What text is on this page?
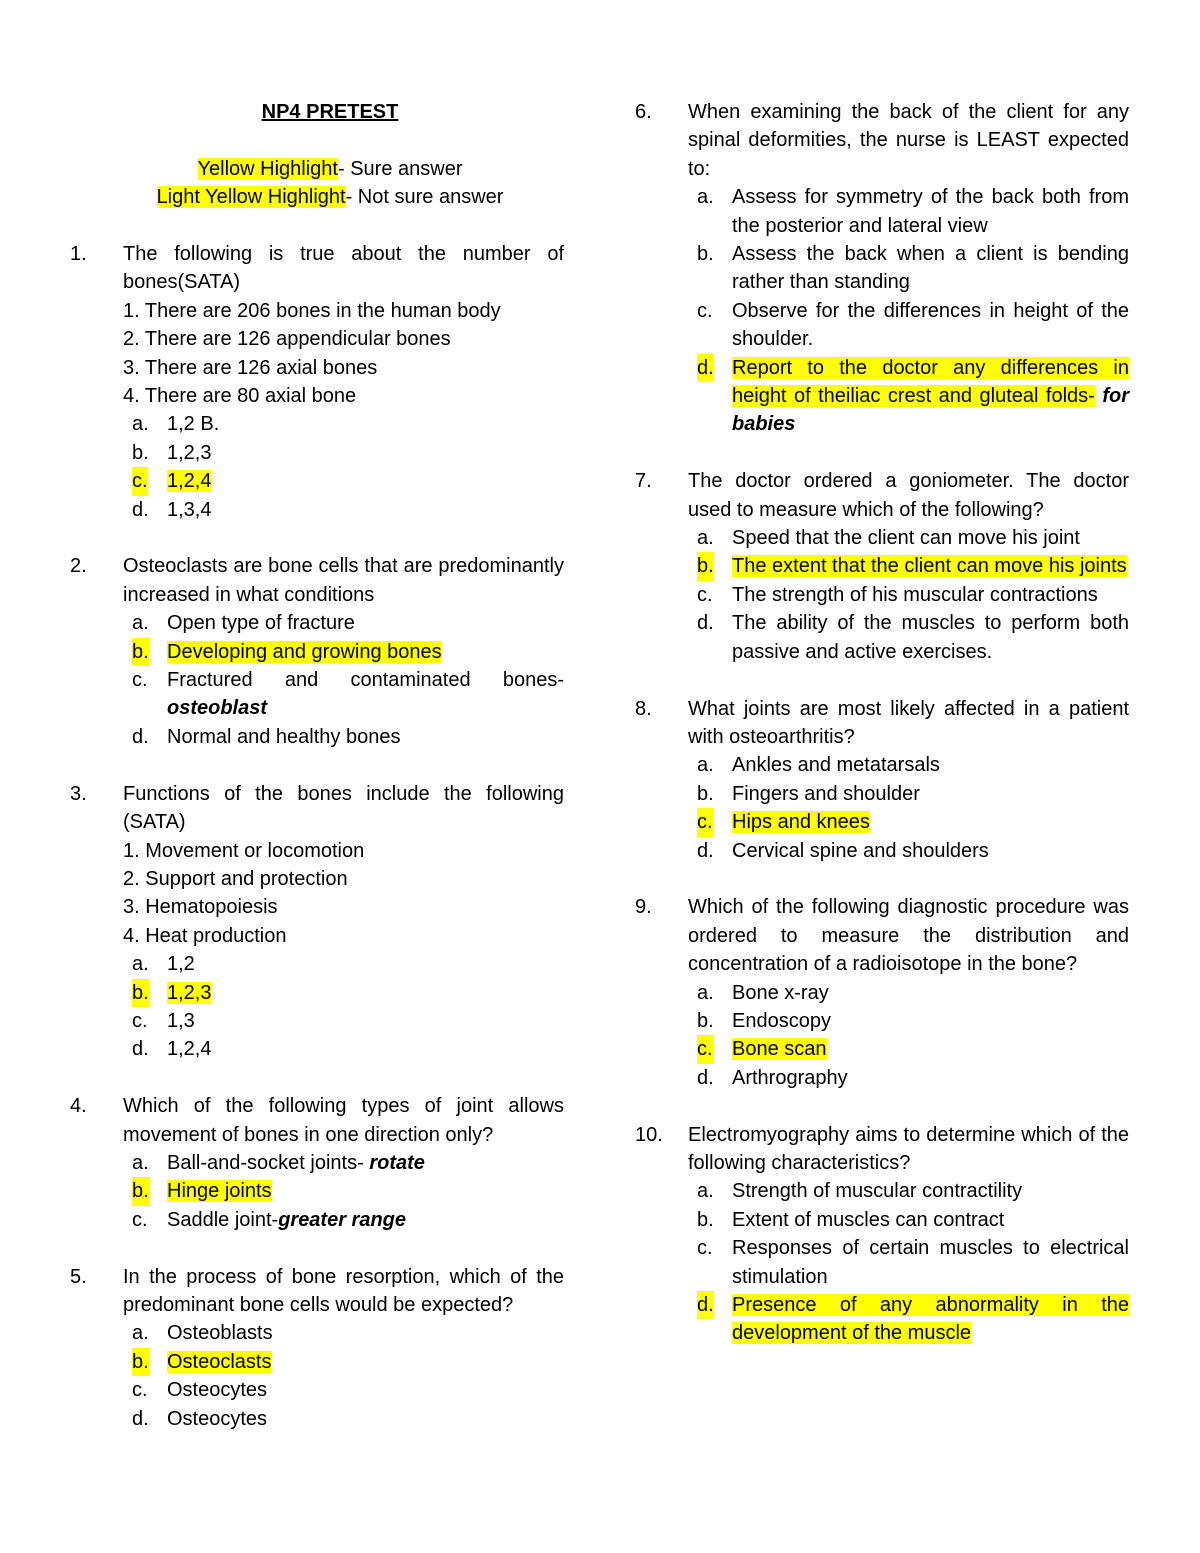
NP4 PRETEST

Yellow Highlight- Sure answer
Light Yellow Highlight- Not sure answer
1. The following is true about the number of bones(SATA)
1. There are 206 bones in the human body
2. There are 126 appendicular bones
3. There are 126 axial bones
4. There are 80 axial bone
a. 1,2 B.
b. 1,2,3
c. 1,2,4
d. 1,3,4
2. Osteoclasts are bone cells that are predominantly increased in what conditions
a. Open type of fracture
b. Developing and growing bones
c. Fractured and contaminated bones- osteoblast
d. Normal and healthy bones
3. Functions of the bones include the following (SATA)
1. Movement or locomotion
2. Support and protection
3. Hematopoiesis
4. Heat production
a. 1,2
b. 1,2,3
c. 1,3
d. 1,2,4
4. Which of the following types of joint allows movement of bones in one direction only?
a. Ball-and-socket joints- rotate
b. Hinge joints
c. Saddle joint-greater range
5. In the process of bone resorption, which of the predominant bone cells would be expected?
a. Osteoblasts
b. Osteoclasts
c. Osteocytes
d. Osteocytes
6. When examining the back of the client for any spinal deformities, the nurse is LEAST expected to:
a. Assess for symmetry of the back both from the posterior and lateral view
b. Assess the back when a client is bending rather than standing
c. Observe for the differences in height of the shoulder.
d. Report to the doctor any differences in height of theiliac crest and gluteal folds- for babies
7. The doctor ordered a goniometer. The doctor used to measure which of the following?
a. Speed that the client can move his joint
b. The extent that the client can move his joints
c. The strength of his muscular contractions
d. The ability of the muscles to perform both passive and active exercises.
8. What joints are most likely affected in a patient with osteoarthritis?
a. Ankles and metatarsals
b. Fingers and shoulder
c. Hips and knees
d. Cervical spine and shoulders
9. Which of the following diagnostic procedure was ordered to measure the distribution and concentration of a radioisotope in the bone?
a. Bone x-ray
b. Endoscopy
c. Bone scan
d. Arthrography
10. Electromyography aims to determine which of the following characteristics?
a. Strength of muscular contractility
b. Extent of muscles can contract
c. Responses of certain muscles to electrical stimulation
d. Presence of any abnormality in the development of the muscle
